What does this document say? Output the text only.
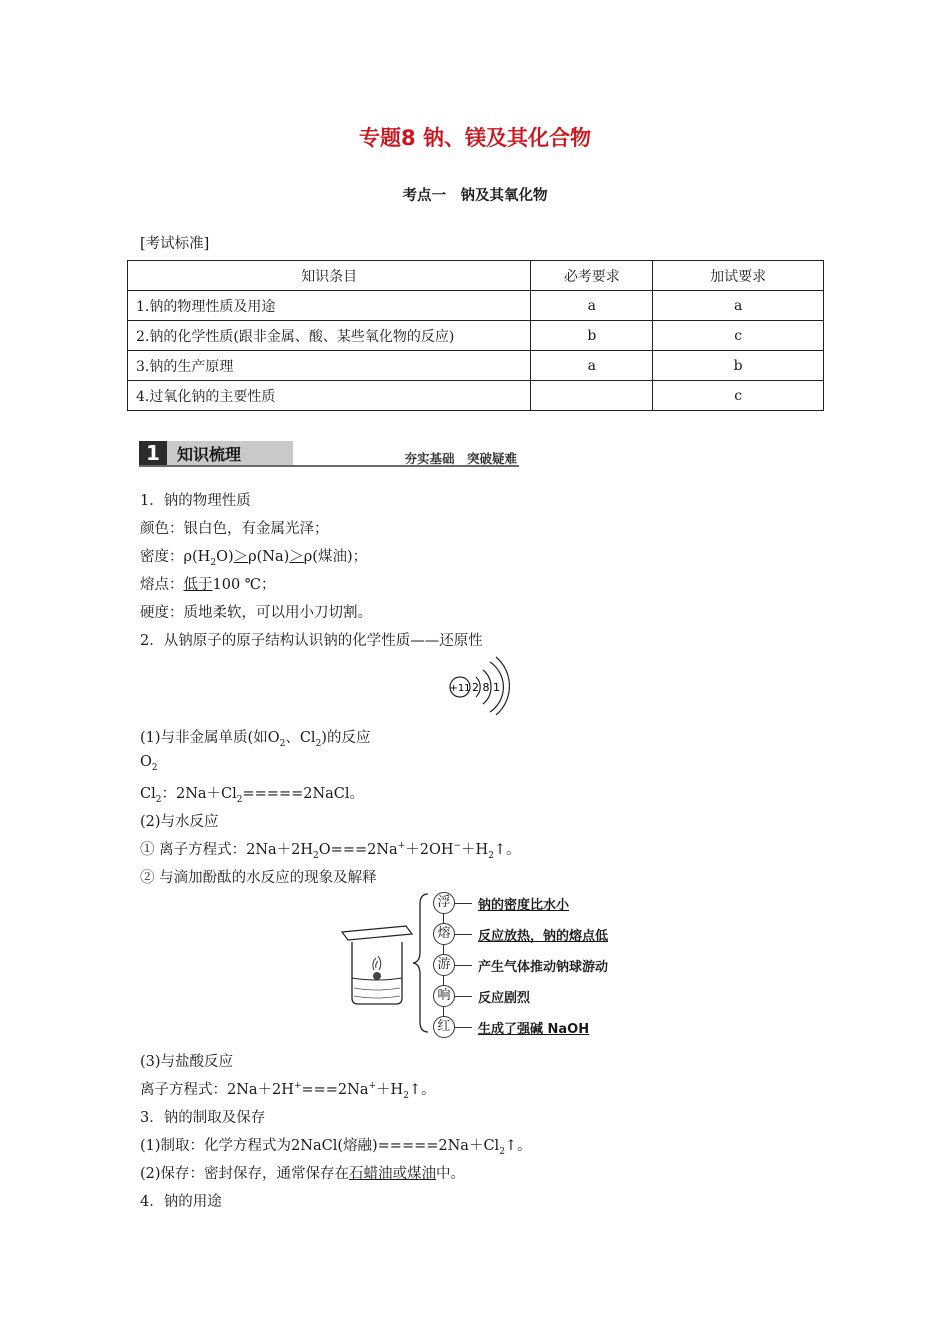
专题8 钠、镁及其化合物
考点一　钠及其氧化物
[考试标准]
知识条目	必考要求	加试要求
1.钠的物理性质及用途	a	a
2.钠的化学性质(跟非金属、酸、某些氧化物的反应)	b	c
3.钠的生产原理	a	b
4.过氧化钠的主要性质		c
1	知识梳理	夯实基础　突破疑难
1．钠的物理性质
颜色：银白色，有金属光泽；
密度：$\rho(H_2O)>\rho(Na)>\rho$(煤油)；
熔点：低于100 ℃；
硬度：质地柔软，可以用小刀切割。
2．从钠原子的原子结构认识钠的化学性质——还原性
+11 2 8 1
(1)与非金属单质(如$O_2$、$Cl_2$)的反应
$O_2$
$Cl_2$：$2Na+Cl_2=====2NaCl$。
(2)与水反应
① 离子方程式：$2Na+2H_2O===2Na^++2OH^-+H_2↑$。
② 与滴加酚酞的水反应的现象及解释
浮	钠的密度比水小
熔	反应放热，钠的熔点低
游	产生气体推动钠球游动
响	反应剧烈
红	生成了强碱 NaOH
(3)与盐酸反应
离子方程式：$2Na+2H^+===2Na^++H_2↑$。
3．钠的制取及保存
(1)制取：化学方程式为2NaCl(熔融)$=====2Na+Cl_2↑$。
(2)保存：密封保存，通常保存在石蜡油或煤油中。
4．钠的用途
